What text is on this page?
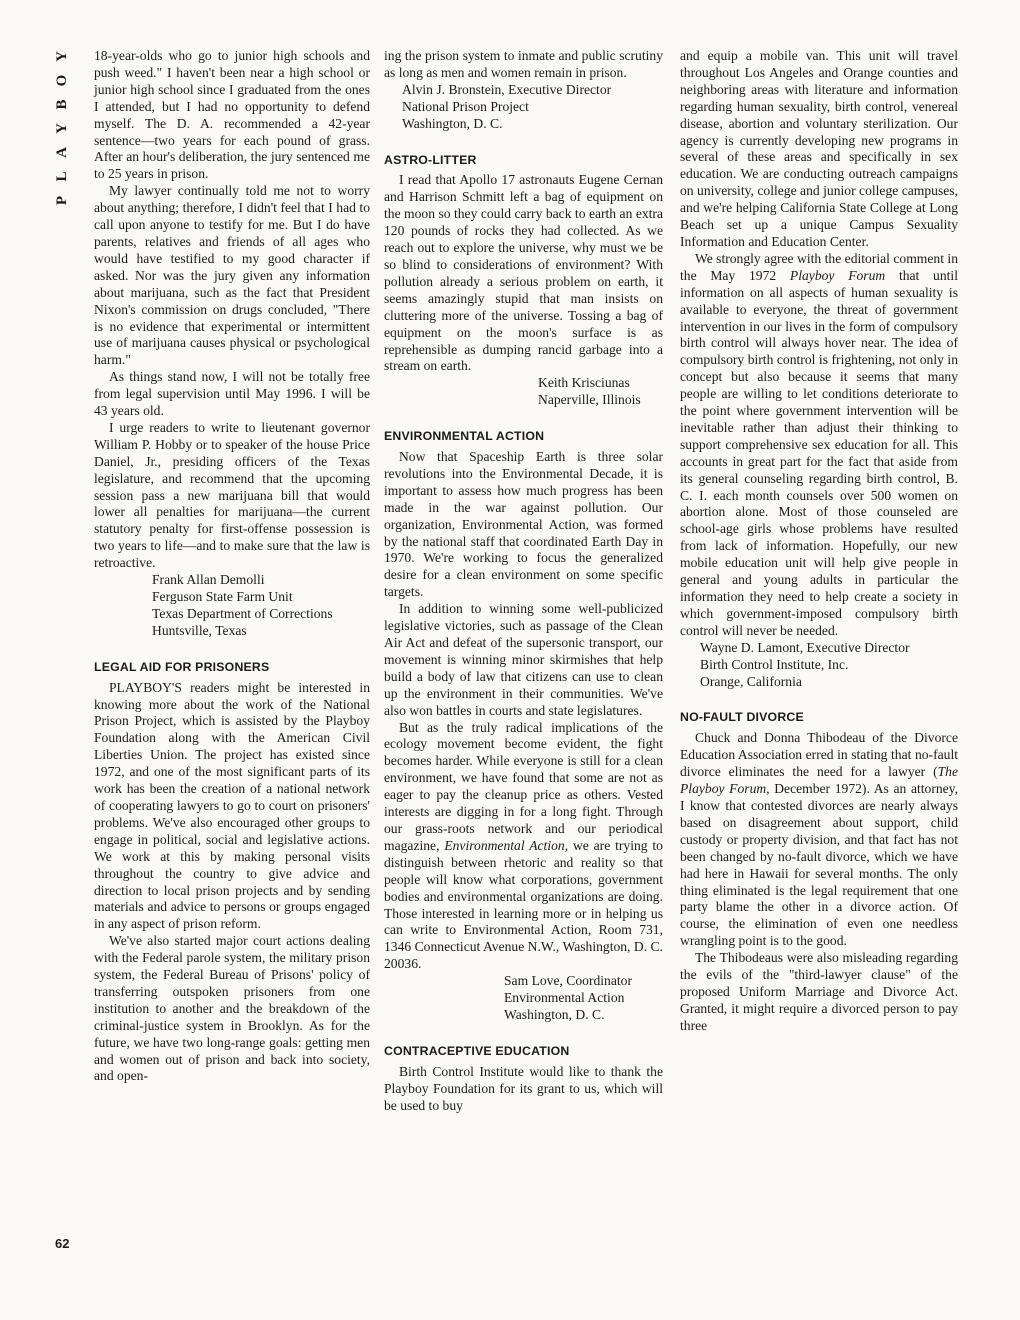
Y
O
B
Y
A
L
P
62

18-year-olds who go to junior high schools and push weed." I haven't been near a high school or junior high school since I graduated from the ones I attended, but I had no opportunity to defend myself. The D. A. recommended a 42-year sentence—two years for each pound of grass. After an hour's deliberation, the jury sentenced me to 25 years in prison.

My lawyer continually told me not to worry about anything; therefore, I didn't feel that I had to call upon anyone to testify for me. But I do have parents, relatives and friends of all ages who would have testified to my good character if asked. Nor was the jury given any information about marijuana, such as the fact that President Nixon's commission on drugs concluded, "There is no evidence that experimental or intermittent use of marijuana causes physical or psychological harm."

As things stand now, I will not be totally free from legal supervision until May 1996. I will be 43 years old.

I urge readers to write to lieutenant governor William P. Hobby or to speaker of the house Price Daniel, Jr., presiding officers of the Texas legislature, and recommend that the upcoming session pass a new marijuana bill that would lower all penalties for marijuana—the current statutory penalty for first-offense possession is two years to life—and to make sure that the law is retroactive.

Frank Allan Demolli
Ferguson State Farm Unit
Texas Department of Corrections
Huntsville, Texas
LEGAL AID FOR PRISONERS

PLAYBOY'S readers might be interested in knowing more about the work of the National Prison Project, which is assisted by the Playboy Foundation along with the American Civil Liberties Union. The project has existed since 1972, and one of the most significant parts of its work has been the creation of a national network of cooperating lawyers to go to court on prisoners' problems. We've also encouraged other groups to engage in political, social and legislative actions. We work at this by making personal visits throughout the country to give advice and direction to local prison projects and by sending materials and advice to persons or groups engaged in any aspect of prison reform.

We've also started major court actions dealing with the Federal parole system, the military prison system, the Federal Bureau of Prisons' policy of transferring outspoken prisoners from one institution to another and the breakdown of the criminal-justice system in Brooklyn. As for the future, we have two long-range goals: getting men and women out of prison and back into society, and open-

ing the prison system to inmate and public scrutiny as long as men and women remain in prison.

Alvin J. Bronstein, Executive Director
National Prison Project
Washington, D. C.
ASTRO-LITTER

I read that Apollo 17 astronauts Eugene Cernan and Harrison Schmitt left a bag of equipment on the moon so they could carry back to earth an extra 120 pounds of rocks they had collected. As we reach out to explore the universe, why must we be so blind to considerations of environment? With pollution already a serious problem on earth, it seems amazingly stupid that man insists on cluttering more of the universe. Tossing a bag of equipment on the moon's surface is as reprehensible as dumping rancid garbage into a stream on earth.

Keith Krisciunas
Naperville, Illinois
ENVIRONMENTAL ACTION

Now that Spaceship Earth is three solar revolutions into the Environmental Decade, it is important to assess how much progress has been made in the war against pollution. Our organization, Environmental Action, was formed by the national staff that coordinated Earth Day in 1970. We're working to focus the generalized desire for a clean environment on some specific targets.

In addition to winning some well-publicized legislative victories, such as passage of the Clean Air Act and defeat of the supersonic transport, our movement is winning minor skirmishes that help build a body of law that citizens can use to clean up the environment in their communities. We've also won battles in courts and state legislatures.

But as the truly radical implications of the ecology movement become evident, the fight becomes harder. While everyone is still for a clean environment, we have found that some are not as eager to pay the cleanup price as others. Vested interests are digging in for a long fight. Through our grass-roots network and our periodical magazine, Environmental Action, we are trying to distinguish between rhetoric and reality so that people will know what corporations, government bodies and environmental organizations are doing. Those interested in learning more or in helping us can write to Environmental Action, Room 731, 1346 Connecticut Avenue N.W., Washington, D. C. 20036.

Sam Love, Coordinator
Environmental Action
Washington, D. C.
CONTRACEPTIVE EDUCATION

Birth Control Institute would like to thank the Playboy Foundation for its grant to us, which will be used to buy

and equip a mobile van. This unit will travel throughout Los Angeles and Orange counties and neighboring areas with literature and information regarding human sexuality, birth control, venereal disease, abortion and voluntary sterilization. Our agency is currently developing new programs in several of these areas and specifically in sex education. We are conducting outreach campaigns on university, college and junior college campuses, and we're helping California State College at Long Beach set up a unique Campus Sexuality Information and Education Center.

We strongly agree with the editorial comment in the May 1972 Playboy Forum that until information on all aspects of human sexuality is available to everyone, the threat of government intervention in our lives in the form of compulsory birth control will always hover near. The idea of compulsory birth control is frightening, not only in concept but also because it seems that many people are willing to let conditions deteriorate to the point where government intervention will be inevitable rather than adjust their thinking to support comprehensive sex education for all. This accounts in great part for the fact that aside from its general counseling regarding birth control, B. C. I. each month counsels over 500 women on abortion alone. Most of those counseled are school-age girls whose problems have resulted from lack of information. Hopefully, our new mobile education unit will help give people in general and young adults in particular the information they need to help create a society in which government-imposed compulsory birth control will never be needed.

Wayne D. Lamont, Executive Director
Birth Control Institute, Inc.
Orange, California
NO-FAULT DIVORCE

Chuck and Donna Thibodeau of the Divorce Education Association erred in stating that no-fault divorce eliminates the need for a lawyer (The Playboy Forum, December 1972). As an attorney, I know that contested divorces are nearly always based on disagreement about support, child custody or property division, and that fact has not been changed by no-fault divorce, which we have had here in Hawaii for several months. The only thing eliminated is the legal requirement that one party blame the other in a divorce action. Of course, the elimination of even one needless wrangling point is to the good.

The Thibodeaus were also misleading regarding the evils of the "third-lawyer clause" of the proposed Uniform Marriage and Divorce Act. Granted, it might require a divorced person to pay three
